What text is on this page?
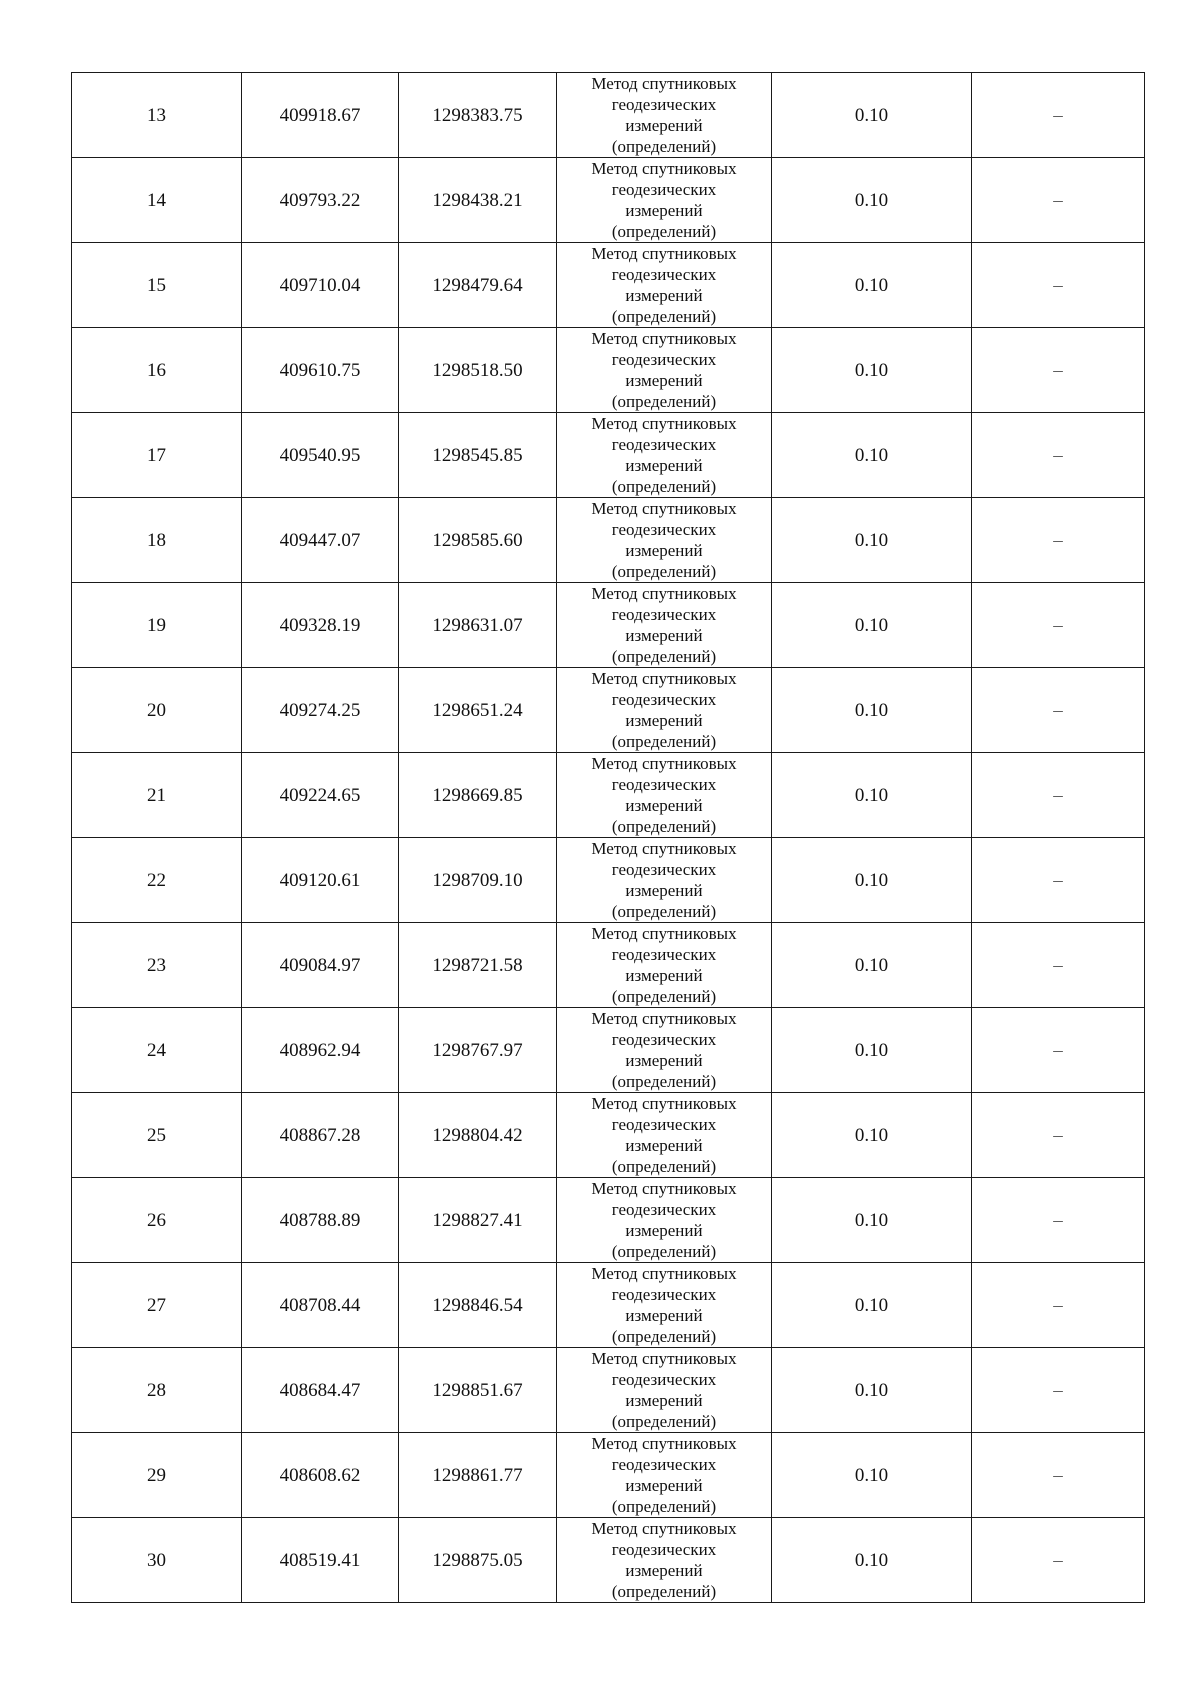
13	409918.67	1298383.75	Метод спутниковых
геодезических
измерений
(определений)	0.10	–
14	409793.22	1298438.21	Метод спутниковых
геодезических
измерений
(определений)	0.10	–
15	409710.04	1298479.64	Метод спутниковых
геодезических
измерений
(определений)	0.10	–
16	409610.75	1298518.50	Метод спутниковых
геодезических
измерений
(определений)	0.10	–
17	409540.95	1298545.85	Метод спутниковых
геодезических
измерений
(определений)	0.10	–
18	409447.07	1298585.60	Метод спутниковых
геодезических
измерений
(определений)	0.10	–
19	409328.19	1298631.07	Метод спутниковых
геодезических
измерений
(определений)	0.10	–
20	409274.25	1298651.24	Метод спутниковых
геодезических
измерений
(определений)	0.10	–
21	409224.65	1298669.85	Метод спутниковых
геодезических
измерений
(определений)	0.10	–
22	409120.61	1298709.10	Метод спутниковых
геодезических
измерений
(определений)	0.10	–
23	409084.97	1298721.58	Метод спутниковых
геодезических
измерений
(определений)	0.10	–
24	408962.94	1298767.97	Метод спутниковых
геодезических
измерений
(определений)	0.10	–
25	408867.28	1298804.42	Метод спутниковых
геодезических
измерений
(определений)	0.10	–
26	408788.89	1298827.41	Метод спутниковых
геодезических
измерений
(определений)	0.10	–
27	408708.44	1298846.54	Метод спутниковых
геодезических
измерений
(определений)	0.10	–
28	408684.47	1298851.67	Метод спутниковых
геодезических
измерений
(определений)	0.10	–
29	408608.62	1298861.77	Метод спутниковых
геодезических
измерений
(определений)	0.10	–
30	408519.41	1298875.05	Метод спутниковых
геодезических
измерений
(определений)	0.10	–
